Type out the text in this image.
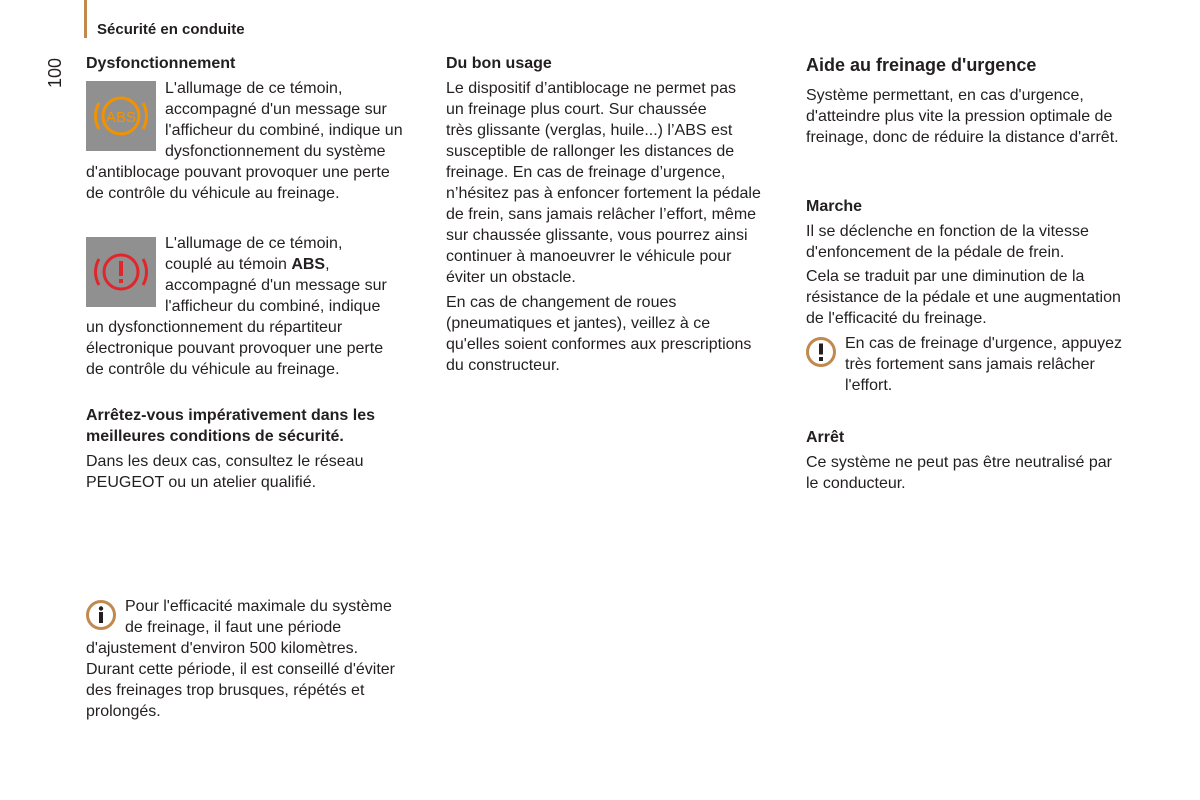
Sécurité en conduite
100	Dysfonctionnement
ABS
L'allumage de ce témoin,
accompagné d'un message sur
l'afficheur du combiné, indique un
dysfonctionnement du système
d'antiblocage pouvant provoquer une perte
de contrôle du véhicule au freinage.
L'allumage de ce témoin,
couplé au témoin ABS,
accompagné d'un message sur
l'afficheur du combiné, indique
un dysfonctionnement du répartiteur
électronique pouvant provoquer une perte
de contrôle du véhicule au freinage.
Arrêtez-vous impérativement dans les
meilleures conditions de sécurité.
Dans les deux cas, consultez le réseau
PEUGEOT ou un atelier qualifié.
Pour l'efficacité maximale du système
de freinage, il faut une période
d'ajustement d'environ 500 kilomètres.
Durant cette période, il est conseillé d'éviter
des freinages trop brusques, répétés et
prolongés.
Du bon usage
Le dispositif d’antiblocage ne permet pas
un freinage plus court. Sur chaussée
très glissante (verglas, huile...) l’ABS est
susceptible de rallonger les distances de
freinage. En cas de freinage d’urgence,
n’hésitez pas à enfoncer fortement la pédale
de frein, sans jamais relâcher l’effort, même
sur chaussée glissante, vous pourrez ainsi
continuer à manoeuvrer le véhicule pour
éviter un obstacle.
En cas de changement de roues
(pneumatiques et jantes), veillez à ce
qu'elles soient conformes aux prescriptions
du constructeur.
Aide au freinage d'urgence
Système permettant, en cas d'urgence,
d'atteindre plus vite la pression optimale de
freinage, donc de réduire la distance d'arrêt.
Marche
Il se déclenche en fonction de la vitesse
d'enfoncement de la pédale de frein.
Cela se traduit par une diminution de la
résistance de la pédale et une augmentation
de l'efficacité du freinage.
En cas de freinage d'urgence, appuyez
très fortement sans jamais relâcher
l'effort.
Arrêt
Ce système ne peut pas être neutralisé par
le conducteur.
